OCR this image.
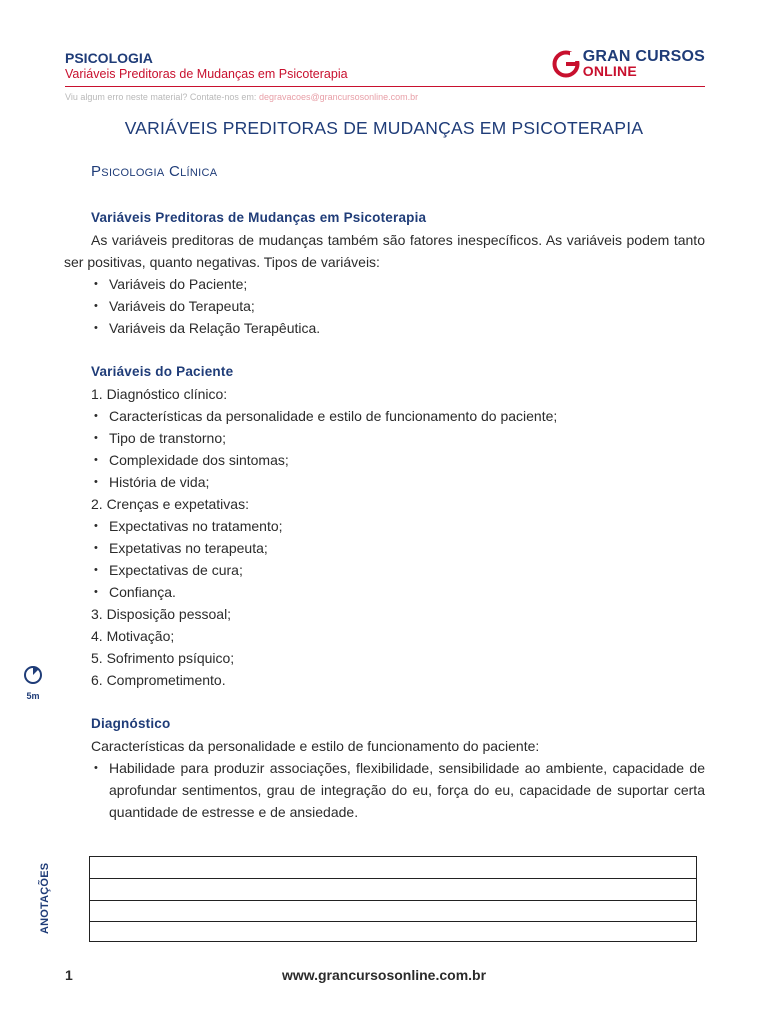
PSICOLOGIA
Variáveis Preditoras de Mudanças em Psicoterapia
GRAN CURSOS
ONLINE
Viu algum erro neste material? Contate-nos em: degravacoes@grancursosonline.com.br
VARIÁVEIS PREDITORAS DE MUDANÇAS EM PSICOTERAPIA
Psicologia Clínica
Variáveis Preditoras de Mudanças em Psicoterapia
As variáveis preditoras de mudanças também são fatores inespecíficos. As variáveis podem tanto ser positivas, quanto negativas. Tipos de variáveis:
• Variáveis do Paciente;
• Variáveis do Terapeuta;
• Variáveis da Relação Terapêutica.
Variáveis do Paciente
1. Diagnóstico clínico:
• Características da personalidade e estilo de funcionamento do paciente;
• Tipo de transtorno;
• Complexidade dos sintomas;
• História de vida;
2. Crenças e expetativas:
• Expectativas no tratamento;
• Expetativas no terapeuta;
• Expectativas de cura;
• Confiança.
3. Disposição pessoal;
4. Motivação;
5. Sofrimento psíquico;
6. Comprometimento.
Diagnóstico
Características da personalidade e estilo de funcionamento do paciente:
• Habilidade para produzir associações, flexibilidade, sensibilidade ao ambiente, capacidade de aprofundar sentimentos, grau de integração do eu, força do eu, capacidade de suportar certa quantidade de estresse e de ansiedade.
5m
ANOTAÇÕES
1	www.grancursosonline.com.br
